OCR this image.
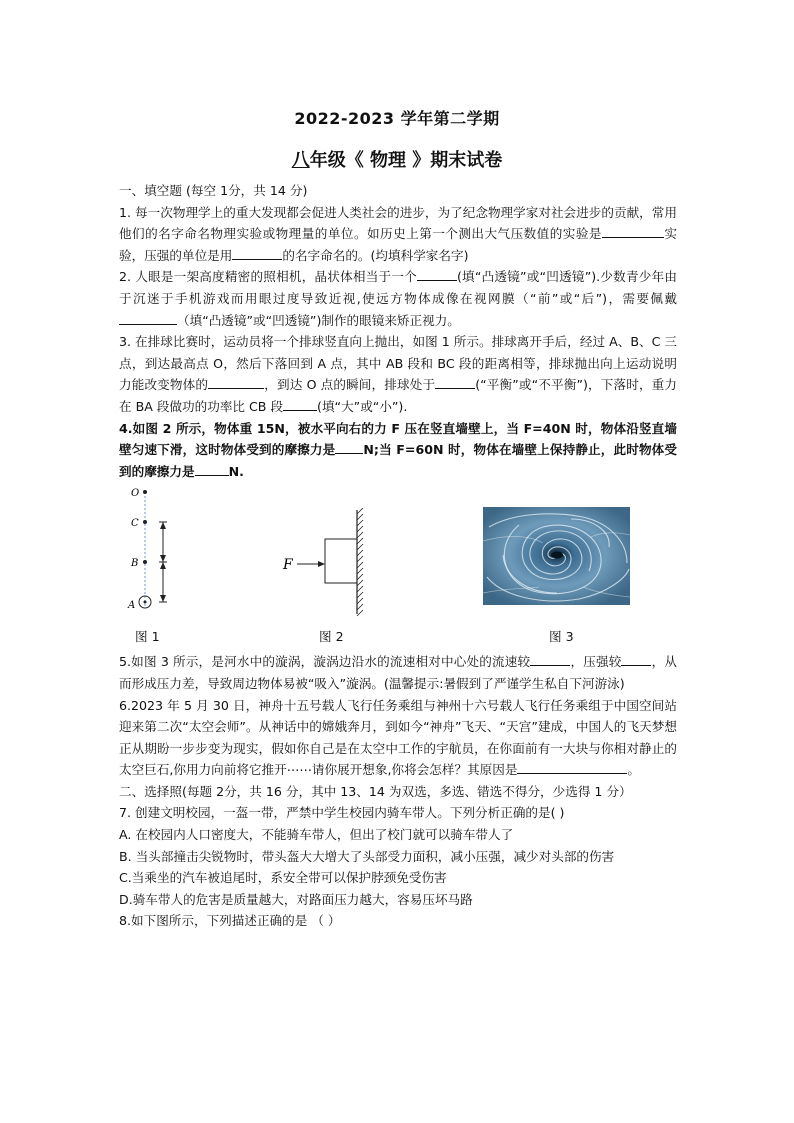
2022-2023 学年第二学期
八年级《 物理 》期末试卷

一、填空题 (每空 1分，共 14 分)

1. 每一次物理学上的重大发现都会促进人类社会的进步，为了纪念物理学家对社会进步的贡献，常用他们的名字命名物理实验或物理量的单位。如历史上第一个测出大气压数值的实验是	实验，压强的单位是用	的名字命名的。(均填科学家名字)

2. 人眼是一架高度精密的照相机，晶状体相当于一个	(填“凸透镜”或“凹透镜”).少数青少年由于沉迷于手机游戏而用眼过度导致近视,使远方物体成像在视网膜（“前”或“后”)，需要佩戴（填“凸透镜”或“凹透镜”)制作的眼镜来矫正视力。

3. 在排球比赛时，运动员将一个排球竖直向上抛出，如图 1 所示。排球离开手后，经过 A、B、C 三点，到达最高点 O，然后下落回到 A 点，其中 AB 段和 BC 段的距离相等，排球抛出向上运动说明力能改变物体的	，到达 O 点的瞬间，排球处于	(“平衡”或“不平衡”)，下落时，重力在 BA 段做功的功率比 CB 段	(填“大”或“小”).

4.如图 2 所示，物体重 15N，被水平向右的力 F 压在竖直墙壁上，当 F=40N 时，物体沿竖直墙壁匀速下滑，这时物体受到的摩擦力是 N;当 F=60N 时，物体在墙壁上保持静止，此时物体受到的摩擦力是	N.

O
C
B
A
图 1
F
图 2	图 3

5.如图 3 所示，是河水中的漩涡，漩涡边沿水的流速相对中心处的流速较	，压强较 ，从而形成压力差，导致周边物体易被“吸入”漩涡。(温馨提示:暑假到了严谨学生私自下河游泳)

6.2023 年 5 月 30 日，神舟十五号载人飞行任务乘组与神州十六号载人飞行任务乘组于中国空间站迎来第二次“太空会师”。从神话中的嫦娥奔月，到如今“神舟”飞天、“天宫”建成，中国人的飞天梦想正从期盼一步步变为现实，假如你自己是在太空中工作的宇航员，在你面前有一大块与你相对静止的太空巨石,你用力向前将它推开⋯⋯请你展开想象,你将会怎样？其原因是	。

二、选择照(每题 2分，共 16 分，其中 13、14 为双选，多选、错选不得分，少选得 1 分）

7. 创建文明校园，一盔一带，严禁中学生校园内骑车带人。下列分析正确的是( )

A. 在校园内人口密度大，不能骑车带人，但出了校门就可以骑车带人了

B. 当头部撞击尖锐物时，带头盔大大增大了头部受力面积，减小压强，减少对头部的伤害

C.当乘坐的汽车被追尾时，系安全带可以保护脖颈免受伤害

D.骑车带人的危害是质量越大，对路面压力越大，容易压坏马路

8.如下图所示，下列描述正确的是 （ ）
